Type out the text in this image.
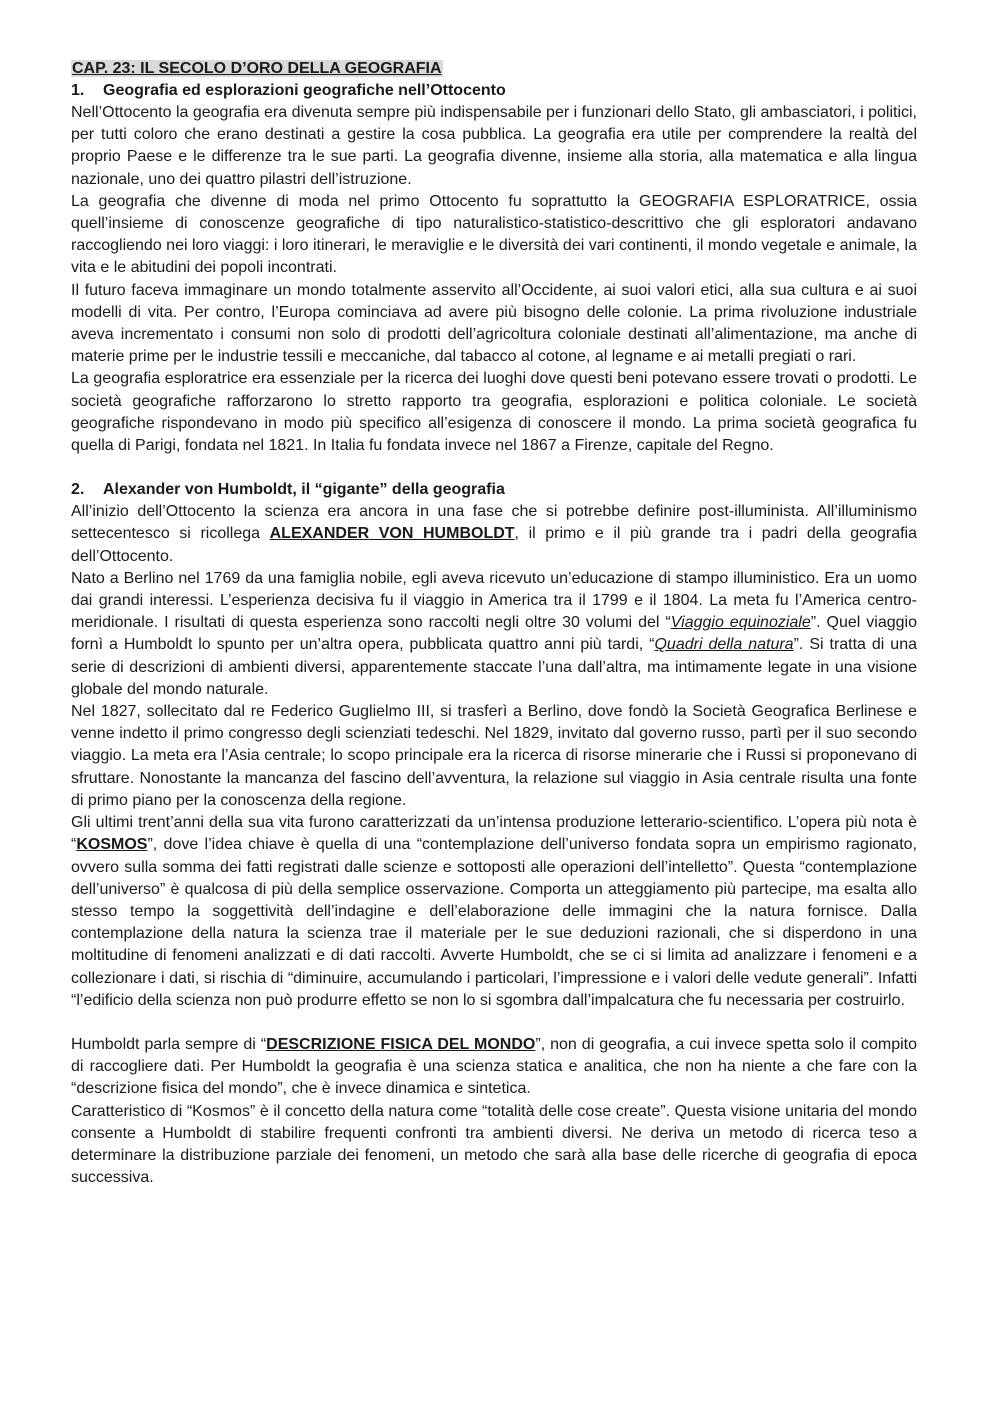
CAP. 23: IL SECOLO D’ORO DELLA GEOGRAFIA
1. Geografia ed esplorazioni geografiche nell’Ottocento

Nell’Ottocento la geografia era divenuta sempre più indispensabile per i funzionari dello Stato, gli ambasciatori, i politici, per tutti coloro che erano destinati a gestire la cosa pubblica. La geografia era utile per comprendere la realtà del proprio Paese e le differenze tra le sue parti. La geografia divenne, insieme alla storia, alla matematica e alla lingua nazionale, uno dei quattro pilastri dell’istruzione.

La geografia che divenne di moda nel primo Ottocento fu soprattutto la GEOGRAFIA ESPLORATRICE, ossia quell’insieme di conoscenze geografiche di tipo naturalistico-statistico-descrittivo che gli esploratori andavano raccogliendo nei loro viaggi: i loro itinerari, le meraviglie e le diversità dei vari continenti, il mondo vegetale e animale, la vita e le abitudini dei popoli incontrati.

Il futuro faceva immaginare un mondo totalmente asservito all’Occidente, ai suoi valori etici, alla sua cultura e ai suoi modelli di vita. Per contro, l’Europa cominciava ad avere più bisogno delle colonie. La prima rivoluzione industriale aveva incrementato i consumi non solo di prodotti dell’agricoltura coloniale destinati all’alimentazione, ma anche di materie prime per le industrie tessili e meccaniche, dal tabacco al cotone, al legname e ai metalli pregiati o rari.

La geografia esploratrice era essenziale per la ricerca dei luoghi dove questi beni potevano essere trovati o prodotti. Le società geografiche rafforzarono lo stretto rapporto tra geografia, esplorazioni e politica coloniale. Le società geografiche rispondevano in modo più specifico all’esigenza di conoscere il mondo. La prima società geografica fu quella di Parigi, fondata nel 1821. In Italia fu fondata invece nel 1867 a Firenze, capitale del Regno.

2. Alexander von Humboldt, il “gigante” della geografia

All’inizio dell’Ottocento la scienza era ancora in una fase che si potrebbe definire post-illuminista. All’illuminismo settecentesco si ricollega ALEXANDER VON HUMBOLDT, il primo e il più grande tra i padri della geografia dell’Ottocento.

Nato a Berlino nel 1769 da una famiglia nobile, egli aveva ricevuto un’educazione di stampo illuministico. Era un uomo dai grandi interessi. L’esperienza decisiva fu il viaggio in America tra il 1799 e il 1804. La meta fu l’America centro-meridionale. I risultati di questa esperienza sono raccolti negli oltre 30 volumi del “Viaggio equinoziale”. Quel viaggio fornì a Humboldt lo spunto per un’altra opera, pubblicata quattro anni più tardi, “Quadri della natura”. Si tratta di una serie di descrizioni di ambienti diversi, apparentemente staccate l’una dall’altra, ma intimamente legate in una visione globale del mondo naturale.

Nel 1827, sollecitato dal re Federico Guglielmo III, si trasferì a Berlino, dove fondò la Società Geografica Berlinese e venne indetto il primo congresso degli scienziati tedeschi. Nel 1829, invitato dal governo russo, partì per il suo secondo viaggio. La meta era l’Asia centrale; lo scopo principale era la ricerca di risorse minerarie che i Russi si proponevano di sfruttare. Nonostante la mancanza del fascino dell’avventura, la relazione sul viaggio in Asia centrale risulta una fonte di primo piano per la conoscenza della regione.

Gli ultimi trent’anni della sua vita furono caratterizzati da un’intensa produzione letterario-scientifico. L’opera più nota è “KOSMOS”, dove l’idea chiave è quella di una “contemplazione dell’universo fondata sopra un empirismo ragionato, ovvero sulla somma dei fatti registrati dalle scienze e sottoposti alle operazioni dell’intelletto”. Questa “contemplazione dell’universo” è qualcosa di più della semplice osservazione. Comporta un atteggiamento più partecipe, ma esalta allo stesso tempo la soggettività dell’indagine e dell’elaborazione delle immagini che la natura fornisce. Dalla contemplazione della natura la scienza trae il materiale per le sue deduzioni razionali, che si disperdono in una moltitudine di fenomeni analizzati e di dati raccolti. Avverte Humboldt, che se ci si limita ad analizzare i fenomeni e a collezionare i dati, si rischia di “diminuire, accumulando i particolari, l’impressione e i valori delle vedute generali”. Infatti “l’edificio della scienza non può produrre effetto se non lo si sgombra dall’impalcatura che fu necessaria per costruirlo.

Humboldt parla sempre di “DESCRIZIONE FISICA DEL MONDO”, non di geografia, a cui invece spetta solo il compito di raccogliere dati. Per Humboldt la geografia è una scienza statica e analitica, che non ha niente a che fare con la “descrizione fisica del mondo”, che è invece dinamica e sintetica.

Caratteristico di “Kosmos” è il concetto della natura come “totalità delle cose create”. Questa visione unitaria del mondo consente a Humboldt di stabilire frequenti confronti tra ambienti diversi. Ne deriva un metodo di ricerca teso a determinare la distribuzione parziale dei fenomeni, un metodo che sarà alla base delle ricerche di geografia di epoca successiva.
